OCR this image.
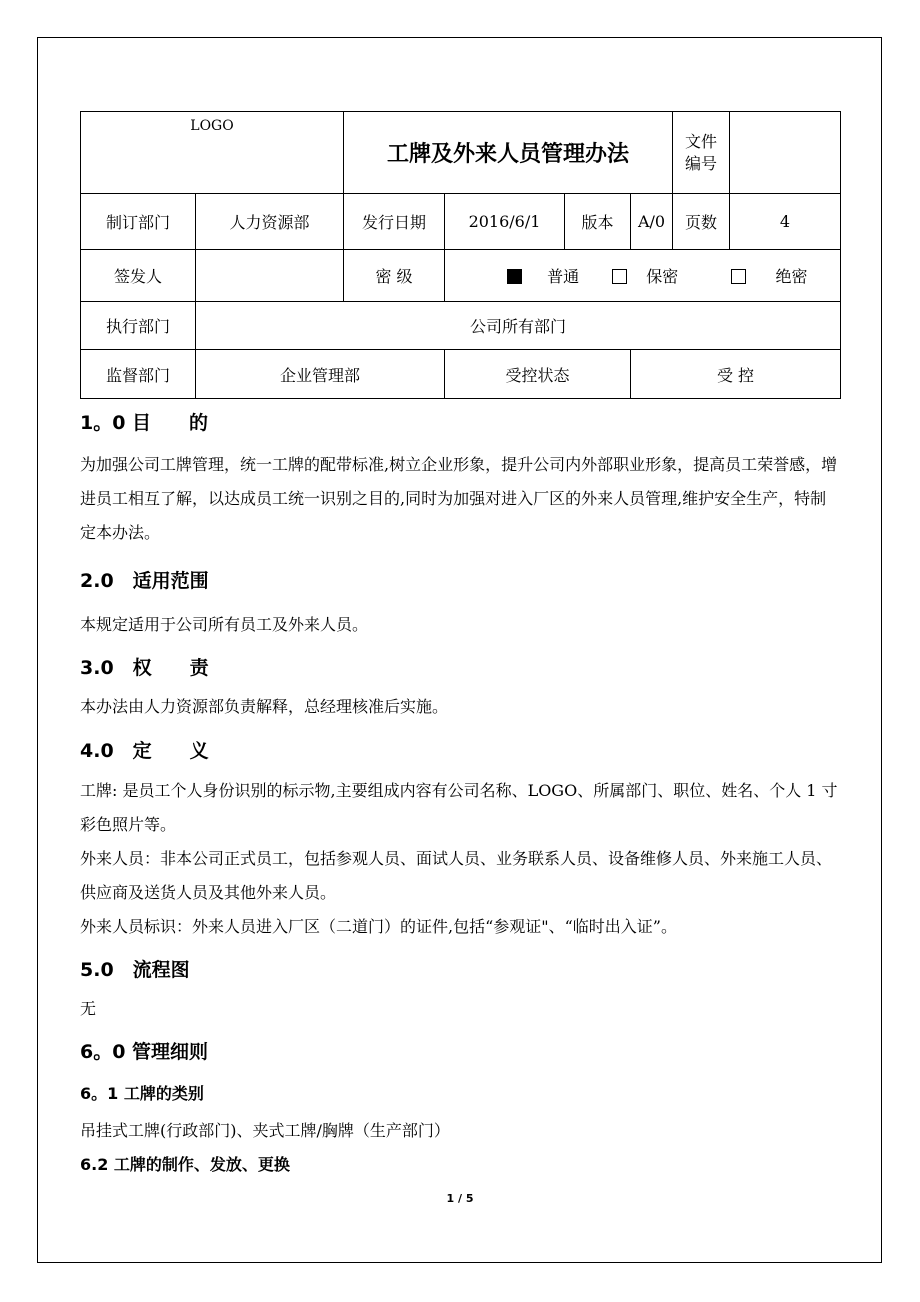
LOGO		工牌及外来人员管理办法				文件
编号	
制订部门	人力资源部	发行日期	2016/6/1	版本	A/0	页数	4
签发人		密 级	普通 保密 绝密				
执行部门	公司所有部门						
监督部门	企业管理部		受控状态		受 控		
1。0 目　　的

为加强公司工牌管理，统一工牌的配带标准,树立企业形象，提升公司内外部职业形象，提高员工荣誉感，增进员工相互了解，以达成员工统一识别之目的,同时为加强对进入厂区的外来人员管理,维护安全生产，特制定本办法。

2.0　适用范围

本规定适用于公司所有员工及外来人员。

3.0　权　　责

本办法由人力资源部负责解释，总经理核准后实施。

4.0　定　　义

工牌: 是员工个人身份识别的标示物,主要组成内容有公司名称、LOGO、所属部门、职位、姓名、个人 1 寸彩色照片等。

外来人员：非本公司正式员工，包括参观人员、面试人员、业务联系人员、设备维修人员、外来施工人员、供应商及送货人员及其他外来人员。

外来人员标识：外来人员进入厂区（二道门）的证件,包括“参观证"、“临时出入证”。

5.0　流程图

无

6。0 管理细则
6。1 工牌的类别

吊挂式工牌(行政部门)、夹式工牌/胸牌（生产部门）

6.2 工牌的制作、发放、更换
1 / 5
